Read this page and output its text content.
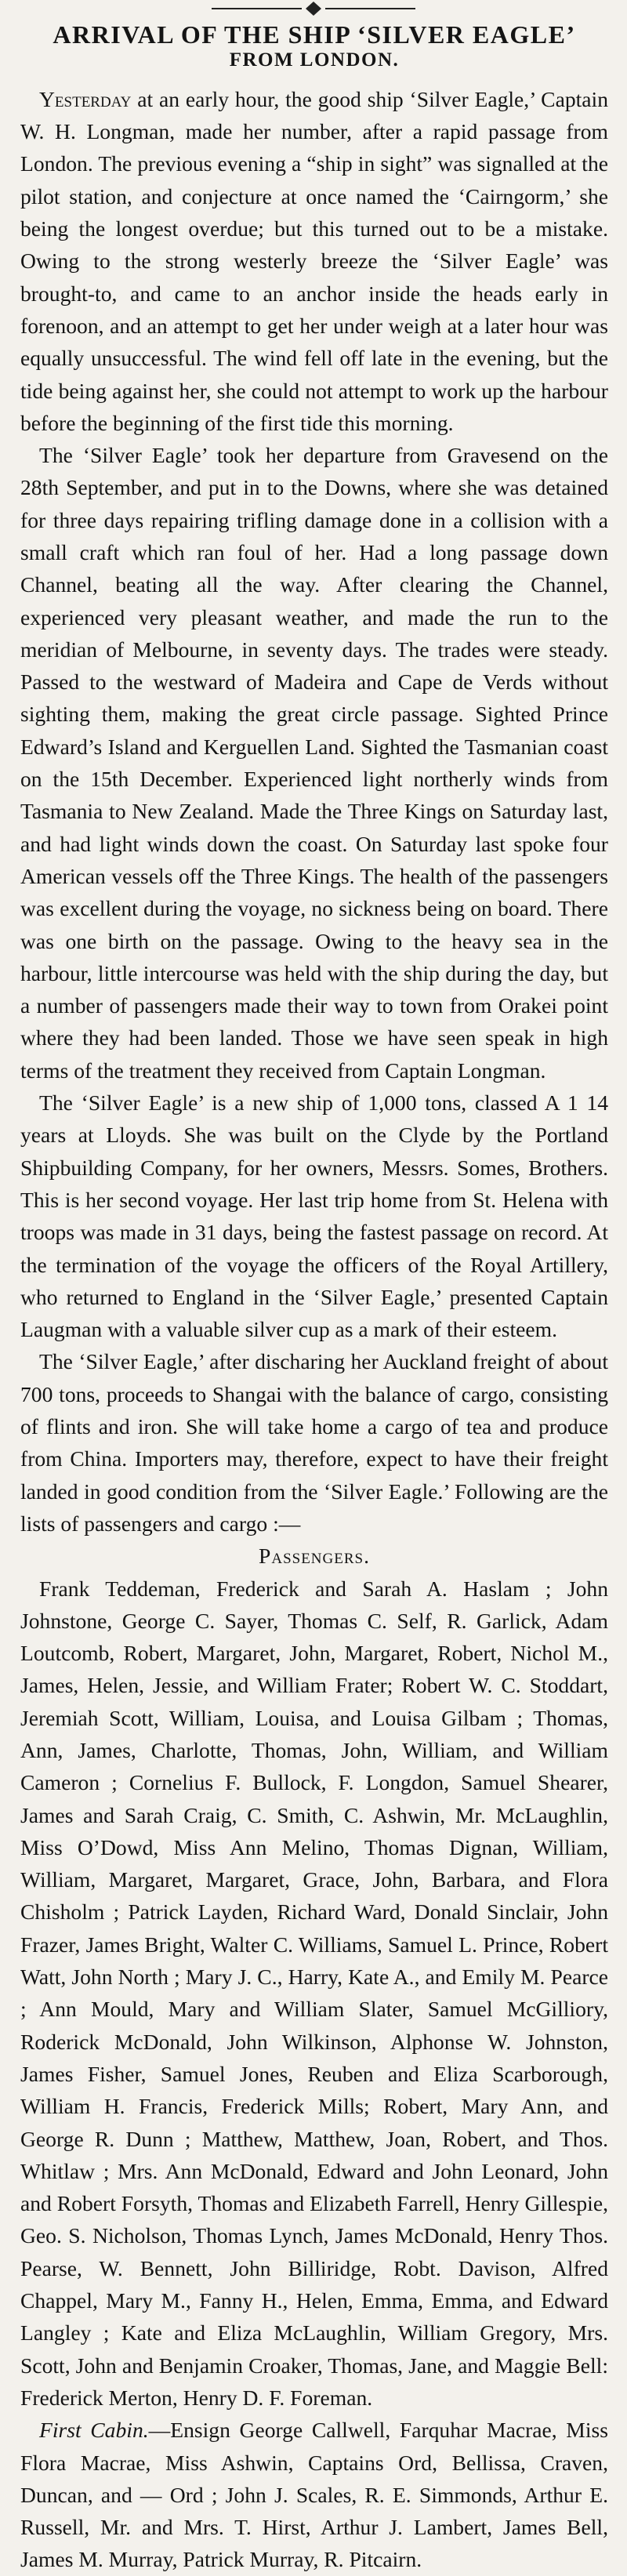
ARRIVAL OF THE SHIP ‘SILVER EAGLE’
FROM LONDON.

Yesterday at an early hour, the good ship ‘Silver Eagle,’ Captain W. H. Longman, made her number, after a rapid passage from London. The previous evening a “ship in sight” was signalled at the pilot station, and conjecture at once named the ‘Cairngorm,’ she being the longest overdue; but this turned out to be a mistake. Owing to the strong westerly breeze the ‘Silver Eagle’ was brought-to, and came to an anchor inside the heads early in forenoon, and an attempt to get her under weigh at a later hour was equally unsuccessful. The wind fell off late in the evening, but the tide being against her, she could not attempt to work up the harbour before the beginning of the first tide this morning.

The ‘Silver Eagle’ took her departure from Gravesend on the 28th September, and put in to the Downs, where she was detained for three days repairing trifling damage done in a collision with a small craft which ran foul of her. Had a long passage down Channel, beating all the way. After clearing the Channel, experienced very pleasant weather, and made the run to the meridian of Melbourne, in seventy days. The trades were steady. Passed to the westward of Madeira and Cape de Verds without sighting them, making the great circle passage. Sighted Prince Edward’s Island and Kerguellen Land. Sighted the Tasmanian coast on the 15th December. Experienced light northerly winds from Tasmania to New Zealand. Made the Three Kings on Saturday last, and had light winds down the coast. On Saturday last spoke four American vessels off the Three Kings. The health of the passengers was excellent during the voyage, no sickness being on board. There was one birth on the passage. Owing to the heavy sea in the harbour, little intercourse was held with the ship during the day, but a number of passengers made their way to town from Orakei point where they had been landed. Those we have seen speak in high terms of the treatment they received from Captain Longman.

The ‘Silver Eagle’ is a new ship of 1,000 tons, classed A 1 14 years at Lloyds. She was built on the Clyde by the Portland Shipbuilding Company, for her owners, Messrs. Somes, Brothers. This is her second voyage. Her last trip home from St. Helena with troops was made in 31 days, being the fastest passage on record. At the termination of the voyage the officers of the Royal Artillery, who returned to England in the ‘Silver Eagle,’ presented Captain Laugman with a valuable silver cup as a mark of their esteem.

The ‘Silver Eagle,’ after discharing her Auckland freight of about 700 tons, proceeds to Shangai with the balance of cargo, consisting of flints and iron. She will take home a cargo of tea and produce from China. Importers may, therefore, expect to have their freight landed in good condition from the ‘Silver Eagle.’ Following are the lists of passengers and cargo :—

Passengers.

Frank Teddeman, Frederick and Sarah A. Haslam ; John Johnstone, George C. Sayer, Thomas C. Self, R. Garlick, Adam Loutcomb, Robert, Margaret, John, Margaret, Robert, Nichol M., James, Helen, Jessie, and William Frater; Robert W. C. Stoddart, Jeremiah Scott, William, Louisa, and Louisa Gilbam ; Thomas, Ann, James, Charlotte, Thomas, John, William, and William Cameron ; Cornelius F. Bullock, F. Longdon, Samuel Shearer, James and Sarah Craig, C. Smith, C. Ashwin, Mr. McLaughlin, Miss O’Dowd, Miss Ann Melino, Thomas Dignan, William, William, Margaret, Margaret, Grace, John, Barbara, and Flora Chisholm ; Patrick Layden, Richard Ward, Donald Sinclair, John Frazer, James Bright, Walter C. Williams, Samuel L. Prince, Robert Watt, John North ; Mary J. C., Harry, Kate A., and Emily M. Pearce ; Ann Mould, Mary and William Slater, Samuel McGilliory, Roderick McDonald, John Wilkinson, Alphonse W. Johnston, James Fisher, Samuel Jones, Reuben and Eliza Scarborough, William H. Francis, Frederick Mills; Robert, Mary Ann, and George R. Dunn ; Matthew, Matthew, Joan, Robert, and Thos. Whitlaw ; Mrs. Ann McDonald, Edward and John Leonard, John and Robert Forsyth, Thomas and Elizabeth Farrell, Henry Gillespie, Geo. S. Nicholson, Thomas Lynch, James McDonald, Henry Thos. Pearse, W. Bennett, John Billiridge, Robt. Davison, Alfred Chappel, Mary M., Fanny H., Helen, Emma, Emma, and Edward Langley ; Kate and Eliza McLaughlin, William Gregory, Mrs. Scott, John and Benjamin Croaker, Thomas, Jane, and Maggie Bell: Frederick Merton, Henry D. F. Foreman.

First Cabin.—Ensign George Callwell, Farquhar Macrae, Miss Flora Macrae, Miss Ashwin, Captains Ord, Bellissa, Craven, Duncan, and — Ord ; John J. Scales, R. E. Simmonds, Arthur E. Russell, Mr. and Mrs. T. Hirst, Arthur J. Lambert, James Bell, James M. Murray, Patrick Murray, R. Pitcairn.
